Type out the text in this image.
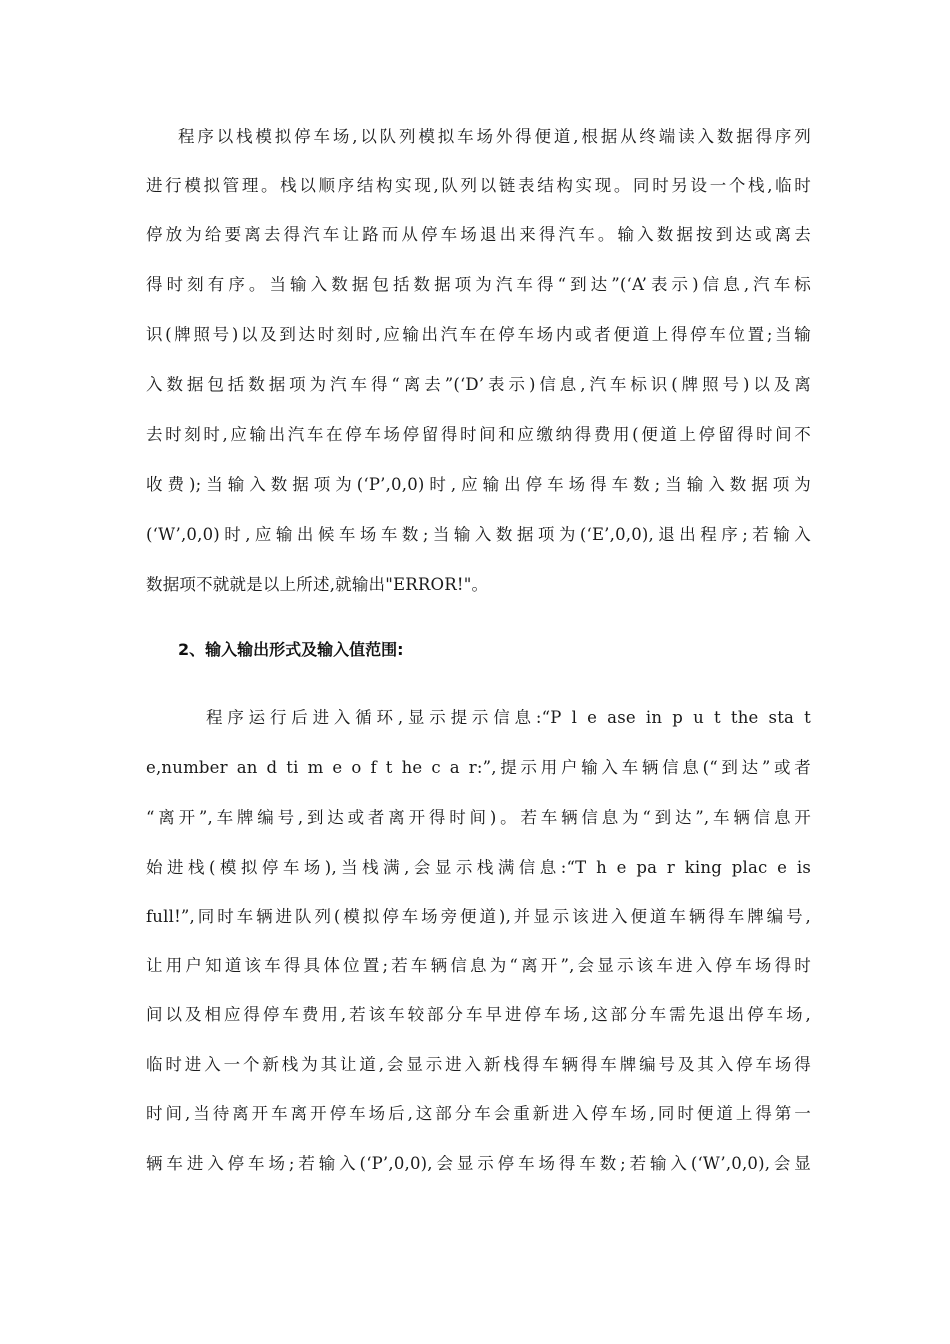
程序以栈模拟停车场,以队列模拟车场外得便道,根据从终端读入数据得序列
进行模拟管理。栈以顺序结构实现,队列以链表结构实现。同时另设一个栈,临时
停放为给要离去得汽车让路而从停车场退出来得汽车。输入数据按到达或离去
得时刻有序。当输入数据包括数据项为汽车得“到达”(‘A’表示)信息,汽车标
识(牌照号)以及到达时刻时,应输出汽车在停车场内或者便道上得停车位置;当输
入数据包括数据项为汽车得“离去”(‘D’表示)信息,汽车标识(牌照号)以及离
去时刻时,应输出汽车在停车场停留得时间和应缴纳得费用(便道上停留得时间不
收费);当输入数据项为(‘P’,0,0)时,应输出停车场得车数;当输入数据项为
(‘W’,0,0)时,应输出候车场车数;当输入数据项为(‘E’,0,0),退出程序;若输入
数据项不就就是以上所述,就输出"ERROR!"。
2、输入输出形式及输入值范围:
程序运行后进入循环,显示提示信息:“P l e ase in p u t the sta t
e,number an d ti m e o f t he c a r:”,提示用户输入车辆信息(“到达”或者
“离开”,车牌编号,到达或者离开得时间)。若车辆信息为“到达”,车辆信息开
始进栈(模拟停车场),当栈满,会显示栈满信息:“T h e pa r king plac e is
full!”,同时车辆进队列(模拟停车场旁便道),并显示该进入便道车辆得车牌编号,
让用户知道该车得具体位置;若车辆信息为“离开”,会显示该车进入停车场得时
间以及相应得停车费用,若该车较部分车早进停车场,这部分车需先退出停车场,
临时进入一个新栈为其让道,会显示进入新栈得车辆得车牌编号及其入停车场得
时间,当待离开车离开停车场后,这部分车会重新进入停车场,同时便道上得第一
辆车进入停车场;若输入(‘P’,0,0),会显示停车场得车数;若输入(‘W’,0,0),会显
